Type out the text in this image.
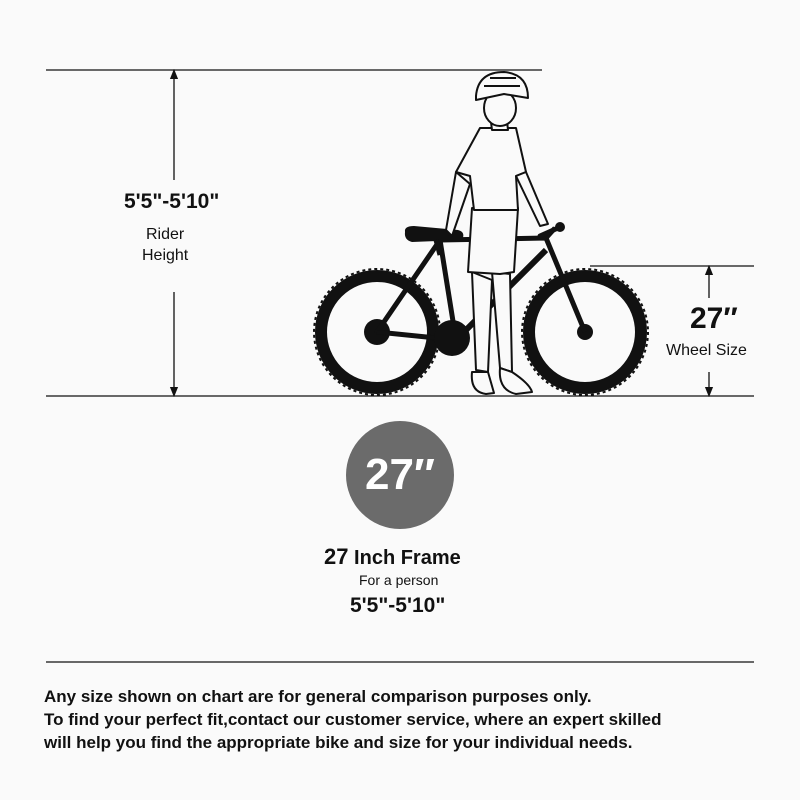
5'5"-5'10"
Rider
Height
27″
Wheel Size
27″
27 Inch Frame
For a person
5'5"-5'10"
Any size shown on chart are for general comparison purposes only.
To find your perfect fit,contact our customer service, where an expert skilled
will help you find the appropriate bike and size for your individual needs.
